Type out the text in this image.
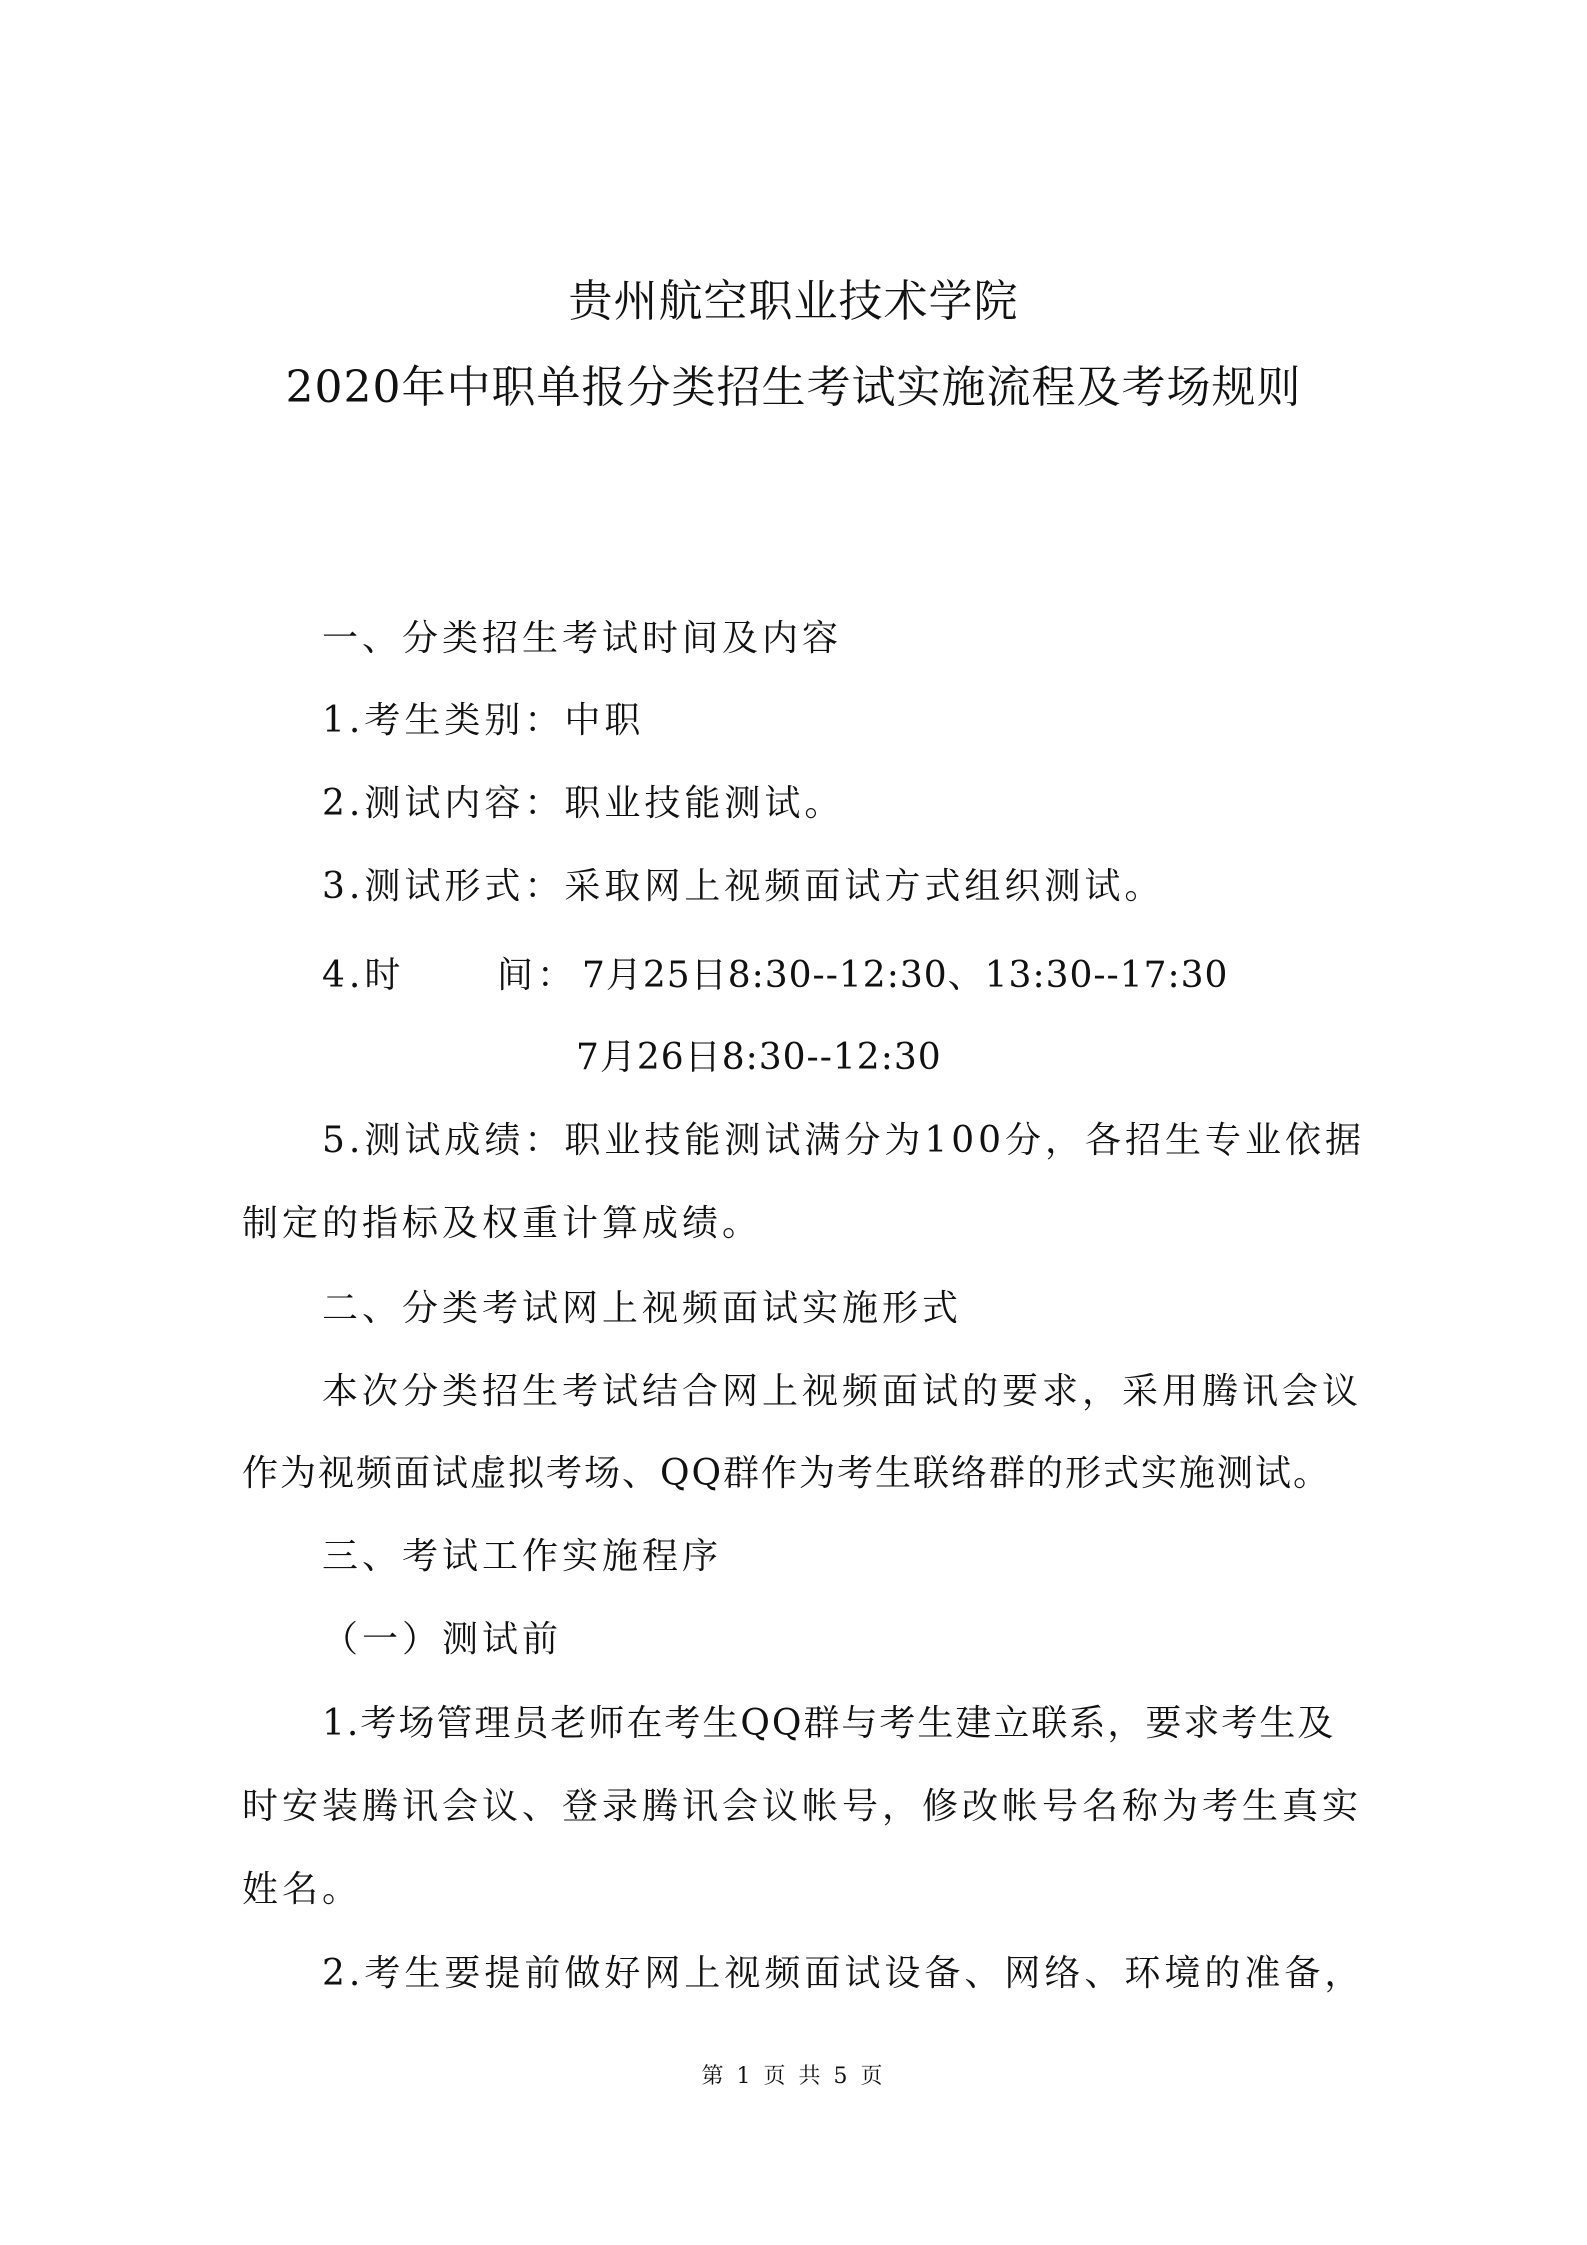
贵州航空职业技术学院
2020年中职单报分类招生考试实施流程及考场规则
一、分类招生考试时间及内容
1.考生类别：中职
2.测试内容：职业技能测试。
3.测试形式：采取网上视频面试方式组织测试。
4.时      间： 7月25日8:30--12:30、13:30--17:30
7月26日8:30--12:30
5.测试成绩：职业技能测试满分为100分，各招生专业依据
制定的指标及权重计算成绩。
二、分类考试网上视频面试实施形式
本次分类招生考试结合网上视频面试的要求，采用腾讯会议
作为视频面试虚拟考场、QQ群作为考生联络群的形式实施测试。
三、考试工作实施程序
（一）测试前
1.考场管理员老师在考生QQ群与考生建立联系，要求考生及
时安装腾讯会议、登录腾讯会议帐号，修改帐号名称为考生真实
姓名。
2.考生要提前做好网上视频面试设备、网络、环境的准备，
第 1 页 共 5 页
